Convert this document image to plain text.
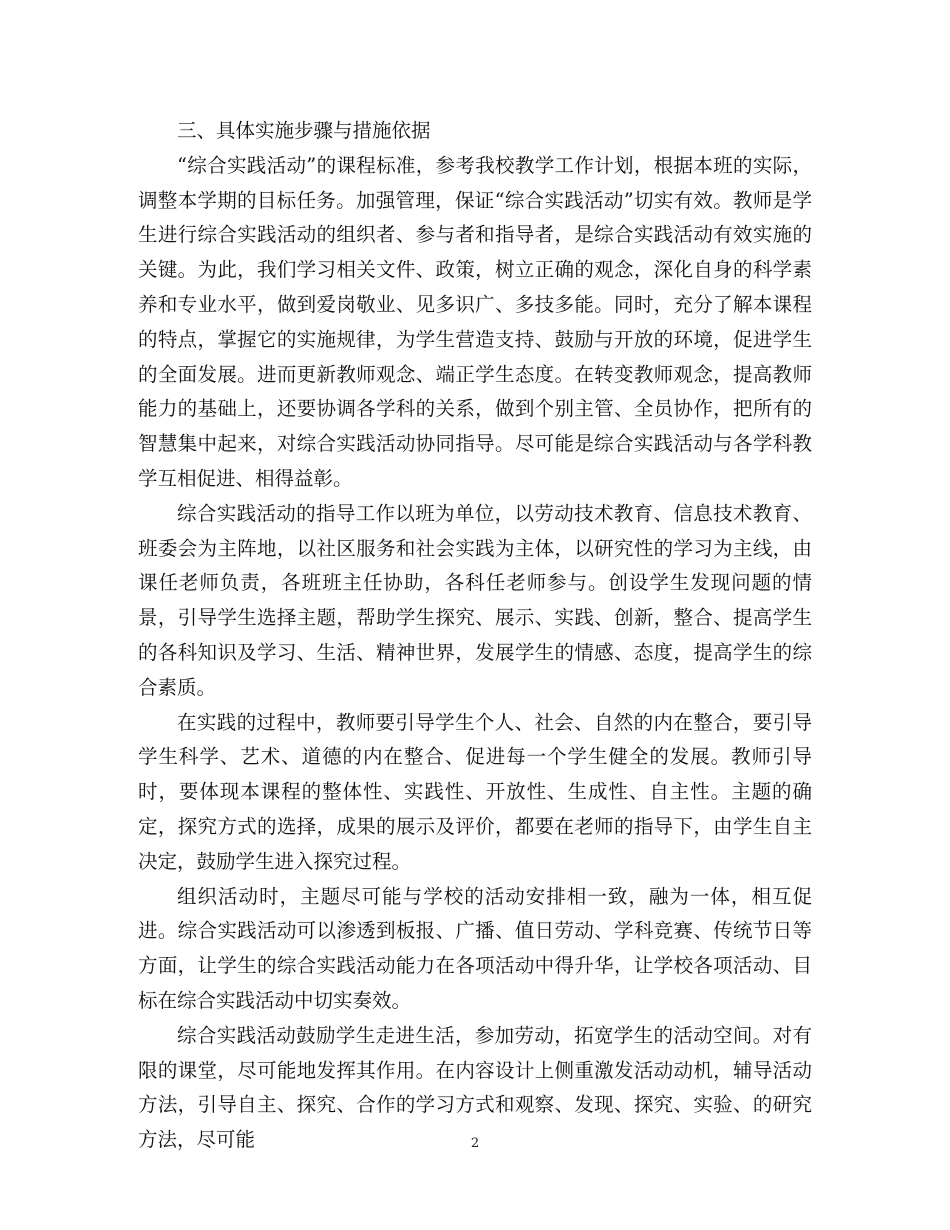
三、具体实施步骤与措施依据

“综合实践活动”的课程标准，参考我校教学工作计划，根据本班的实际，调整本学期的目标任务。加强管理，保证“综合实践活动”切实有效。教师是学生进行综合实践活动的组织者、参与者和指导者，是综合实践活动有效实施的关键。为此，我们学习相关文件、政策，树立正确的观念，深化自身的科学素养和专业水平，做到爱岗敬业、见多识广、多技多能。同时，充分了解本课程的特点，掌握它的实施规律，为学生营造支持、鼓励与开放的环境，促进学生的全面发展。进而更新教师观念、端正学生态度。在转变教师观念，提高教师能力的基础上，还要协调各学科的关系，做到个别主管、全员协作，把所有的智慧集中起来，对综合实践活动协同指导。尽可能是综合实践活动与各学科教学互相促进、相得益彰。

综合实践活动的指导工作以班为单位，以劳动技术教育、信息技术教育、班委会为主阵地，以社区服务和社会实践为主体，以研究性的学习为主线，由课任老师负责，各班班主任协助，各科任老师参与。创设学生发现问题的情景，引导学生选择主题，帮助学生探究、展示、实践、创新，整合、提高学生的各科知识及学习、生活、精神世界，发展学生的情感、态度，提高学生的综合素质。

在实践的过程中，教师要引导学生个人、社会、自然的内在整合，要引导学生科学、艺术、道德的内在整合、促进每一个学生健全的发展。教师引导时，要体现本课程的整体性、实践性、开放性、生成性、自主性。主题的确定，探究方式的选择，成果的展示及评价，都要在老师的指导下，由学生自主决定，鼓励学生进入探究过程。

组织活动时，主题尽可能与学校的活动安排相一致，融为一体，相互促进。综合实践活动可以渗透到板报、广播、值日劳动、学科竞赛、传统节日等方面，让学生的综合实践活动能力在各项活动中得升华，让学校各项活动、目标在综合实践活动中切实奏效。

综合实践活动鼓励学生走进生活，参加劳动，拓宽学生的活动空间。对有限的课堂，尽可能地发挥其作用。在内容设计上侧重激发活动动机，辅导活动方法，引导自主、探究、合作的学习方式和观察、发现、探究、实验、的研究方法，尽可能	2
